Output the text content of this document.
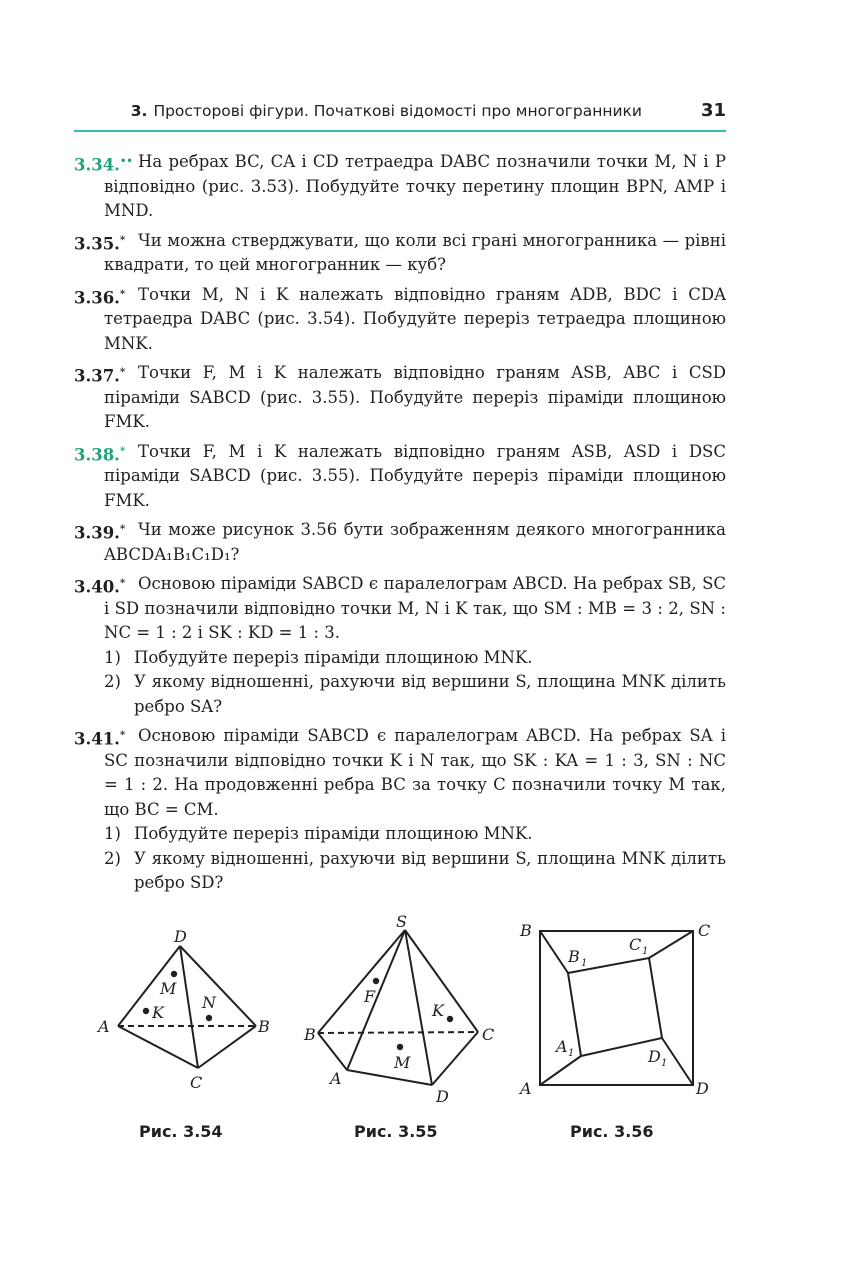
3. Просторові фігури. Початкові відомості про многогранники	31
3.34.•• На ребрах BC, CA і CD тетраедра DABC позначили точки M, N і P відповідно (рис. 3.53). Побудуйте точку перетину площин BPN, AMP і MND.
3.35.* Чи можна стверджувати, що коли всі грані многогранника — рівні квадрати, то цей многогранник — куб?
3.36.* Точки M, N і K належать відповідно граням ADB, BDC і CDA тетраедра DABC (рис. 3.54). Побудуйте переріз тетраедра площиною MNK.
3.37.* Точки F, M і K належать відповідно граням ASB, ABC і CSD піраміди SABCD (рис. 3.55). Побудуйте переріз піраміди площиною FMK.
3.38.* Точки F, M і K належать відповідно граням ASB, ASD і DSC піраміди SABCD (рис. 3.55). Побудуйте переріз піраміди площиною FMK.
3.39.* Чи може рисунок 3.56 бути зображенням деякого многогранника ABCDA₁B₁C₁D₁?
3.40.* Основою піраміди SABCD є паралелограм ABCD. На ребрах SB, SC і SD позначили відповідно точки M, N і K так, що SM : MB = 3 : 2, SN : NC = 1 : 2 і SK : KD = 1 : 3.
1) Побудуйте переріз піраміди площиною MNK.
2) У якому відношенні, рахуючи від вершини S, площина MNK ділить ребро SA?
3.41.* Основою піраміди SABCD є паралелограм ABCD. На ребрах SA і SC позначили відповідно точки K і N так, що SK : KA = 1 : 3, SN : NC = 1 : 2. На продовженні ребра BC за точку C позначили точку M так, що BC = CM.
1) Побудуйте переріз піраміди площиною MNK.
2) У якому відношенні, рахуючи від вершини S, площина MNK ділить ребро SD?
D
M
N
K
A	B
C
Рис. 3.54
S
F
K
B	C
M
A
D
Рис. 3.55
B	C
B 1
C 1
A 1	D 1
A	D
Рис. 3.56
